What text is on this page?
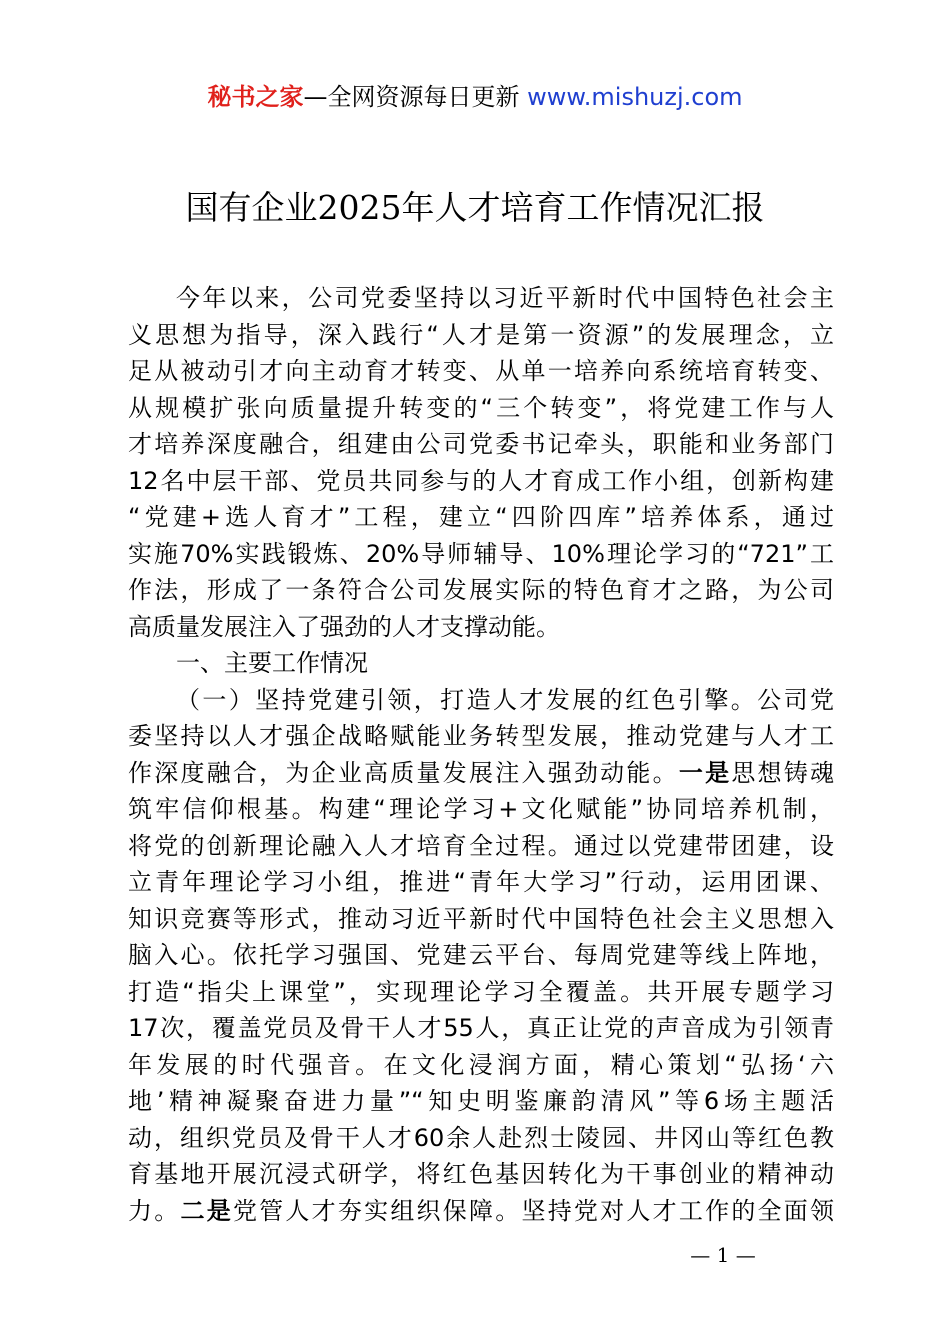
秘书之家—全网资源每日更新 www.mishuzj.com
国有企业2025年人才培育工作情况汇报
今年以来，公司党委坚持以习近平新时代中国特色社会主
义思想为指导，深入践行“人才是第一资源”的发展理念，立
足从被动引才向主动育才转变、从单一培养向系统培育转变、
从规模扩张向质量提升转变的“三个转变”，将党建工作与人
才培养深度融合，组建由公司党委书记牵头，职能和业务部门
12名中层干部、党员共同参与的人才育成工作小组，创新构建
“党建+选人育才”工程，建立“四阶四库”培养体系，通过
实施70%实践锻炼、20%导师辅导、10%理论学习的“721”工
作法，形成了一条符合公司发展实际的特色育才之路，为公司
高质量发展注入了强劲的人才支撑动能。
一、主要工作情况
（一）坚持党建引领，打造人才发展的红色引擎。公司党
委坚持以人才强企战略赋能业务转型发展，推动党建与人才工
作深度融合，为企业高质量发展注入强劲动能。一是思想铸魂
筑牢信仰根基。构建“理论学习+文化赋能”协同培养机制，
将党的创新理论融入人才培育全过程。通过以党建带团建，设
立青年理论学习小组，推进“青年大学习”行动，运用团课、
知识竞赛等形式，推动习近平新时代中国特色社会主义思想入
脑入心。依托学习强国、党建云平台、每周党建等线上阵地，
打造“指尖上课堂”，实现理论学习全覆盖。共开展专题学习
17次，覆盖党员及骨干人才55人，真正让党的声音成为引领青
年发展的时代强音。在文化浸润方面，精心策划“弘扬‘六
地’精神凝聚奋进力量”“知史明鉴廉韵清风”等6场主题活
动，组织党员及骨干人才60余人赴烈士陵园、井冈山等红色教
育基地开展沉浸式研学，将红色基因转化为干事创业的精神动
力。二是党管人才夯实组织保障。坚持党对人才工作的全面领
— 1 —
